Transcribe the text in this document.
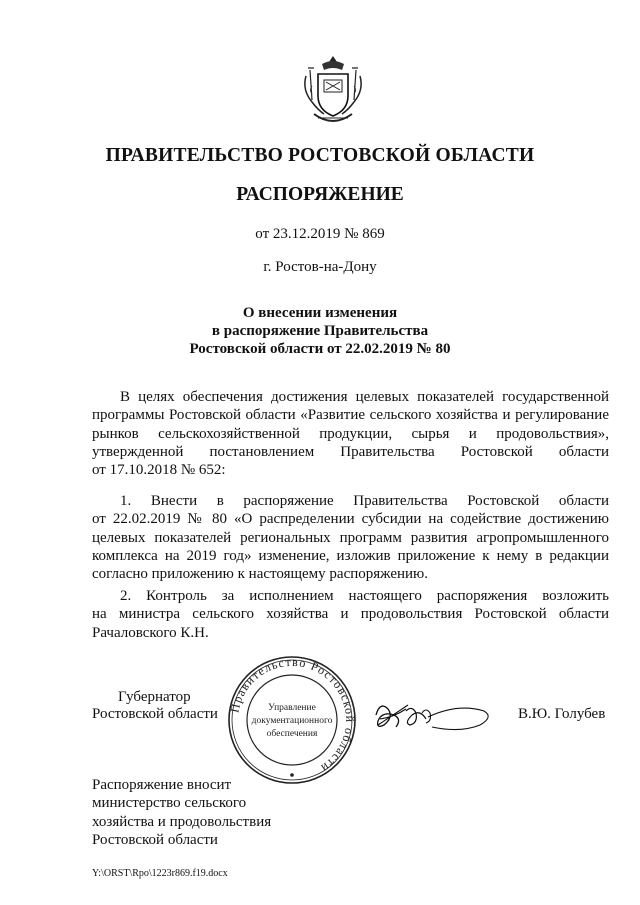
ПРАВИТЕЛЬСТВО РОСТОВСКОЙ ОБЛАСТИ
РАСПОРЯЖЕНИЕ
от 23.12.2019 № 869
г. Ростов-на-Дону
О внесении изменения
в распоряжение Правительства
Ростовской области от 22.02.2019 № 80
В целях обеспечения достижения целевых показателей государственной
программы Ростовской области «Развитие сельского хозяйства и регулирование
рынков сельскохозяйственной продукции, сырья и продовольствия»,
утвержденной постановлением Правительства Ростовской области
от 17.10.2018 № 652:
1. Внести в распоряжение Правительства Ростовской области
от 22.02.2019 № 80 «О распределении субсидии на содействие достижению
целевых показателей региональных программ развития агропромышленного
комплекса на 2019 год» изменение, изложив приложение к нему в редакции
согласно приложению к настоящему распоряжению.
2. Контроль за исполнением настоящего распоряжения возложить
на министра сельского хозяйства и продовольствия Ростовской области
Рачаловского К.Н.
Губернатор
Ростовской области	В.Ю. Голубев
Правительство Ростовской области
Управление
документационного
обеспечения
Распоряжение вносит
министерство сельского
хозяйства и продовольствия
Ростовской области
Y:\ORST\Rpo\1223r869.f19.docx
